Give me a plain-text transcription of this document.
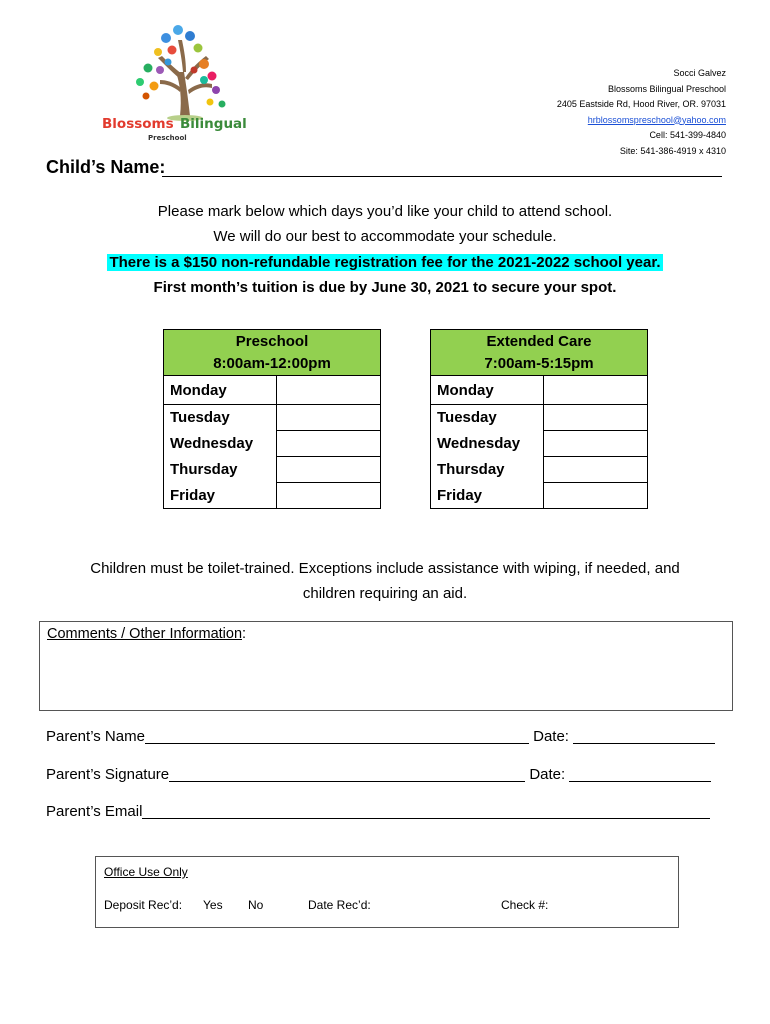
Blossoms Bilingual
Preschool
Socci Galvez
Blossoms Bilingual Preschool
2405 Eastside Rd, Hood River, OR. 97031
hrblossomspreschool@yahoo.com
Cell: 541-399-4840
Site: 541-386-4919 x 4310
Child’s Name:
Please mark below which days you’d like your child to attend school.
We will do our best to accommodate your schedule.
There is a $150 non-refundable registration fee for the 2021-2022 school year.
First month’s tuition is due by June 30, 2021 to secure your spot.
Preschool
8:00am-12:00pm	

Monday	
Tuesday	
Wednesday	
Thursday	
Friday	
Extended Care
7:00am-5:15pm	

Monday	
Tuesday	
Wednesday	
Thursday	
Friday	
Children must be toilet-trained. Exceptions include assistance with wiping, if needed, and
children requiring an aid.
Comments / Other Information:
Parent’s Name	Date:
Parent’s Signature	Date:
Parent’s Email
Office Use Only
Deposit Rec’d: Yes No	Date Rec’d:	Check #:
